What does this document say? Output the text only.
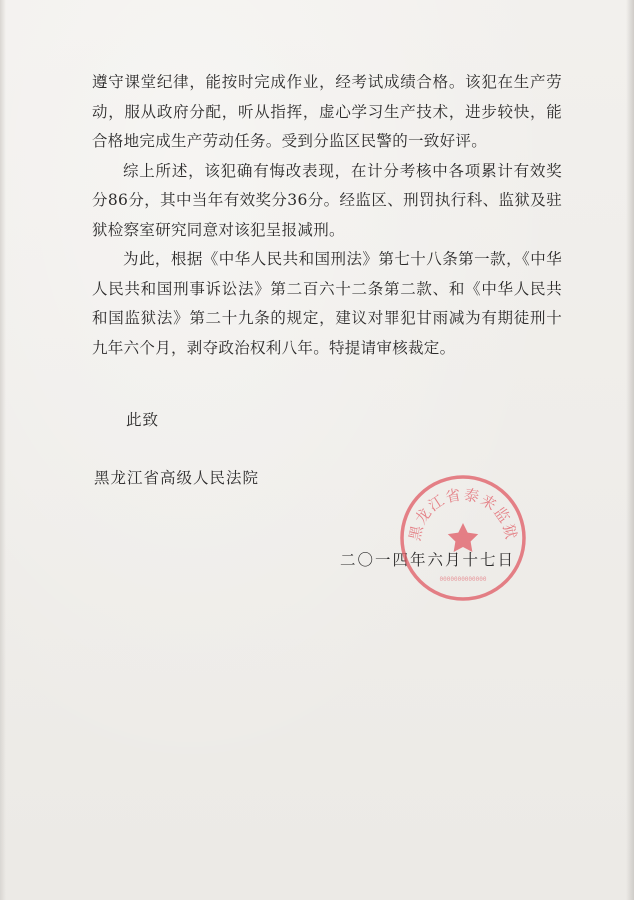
遵守课堂纪律，能按时完成作业，经考试成绩合格。该犯在生产劳动，服从政府分配，听从指挥，虚心学习生产技术，进步较快，能合格地完成生产劳动任务。受到分监区民警的一致好评。

综上所述，该犯确有悔改表现，在计分考核中各项累计有效奖分86分，其中当年有效奖分36分。经监区、刑罚执行科、监狱及驻狱检察室研究同意对该犯呈报减刑。

为此，根据《中华人民共和国刑法》第七十八条第一款，《中华人民共和国刑事诉讼法》第二百六十二条第二款、和《中华人民共和国监狱法》第二十九条的规定，建议对罪犯甘雨减为有期徒刑十九年六个月，剥夺政治权利八年。特提请审核裁定。

此致
黑龙江省高级人民法院
二〇一四年六月十七日
黑龙江省泰来监狱
0000000000000
